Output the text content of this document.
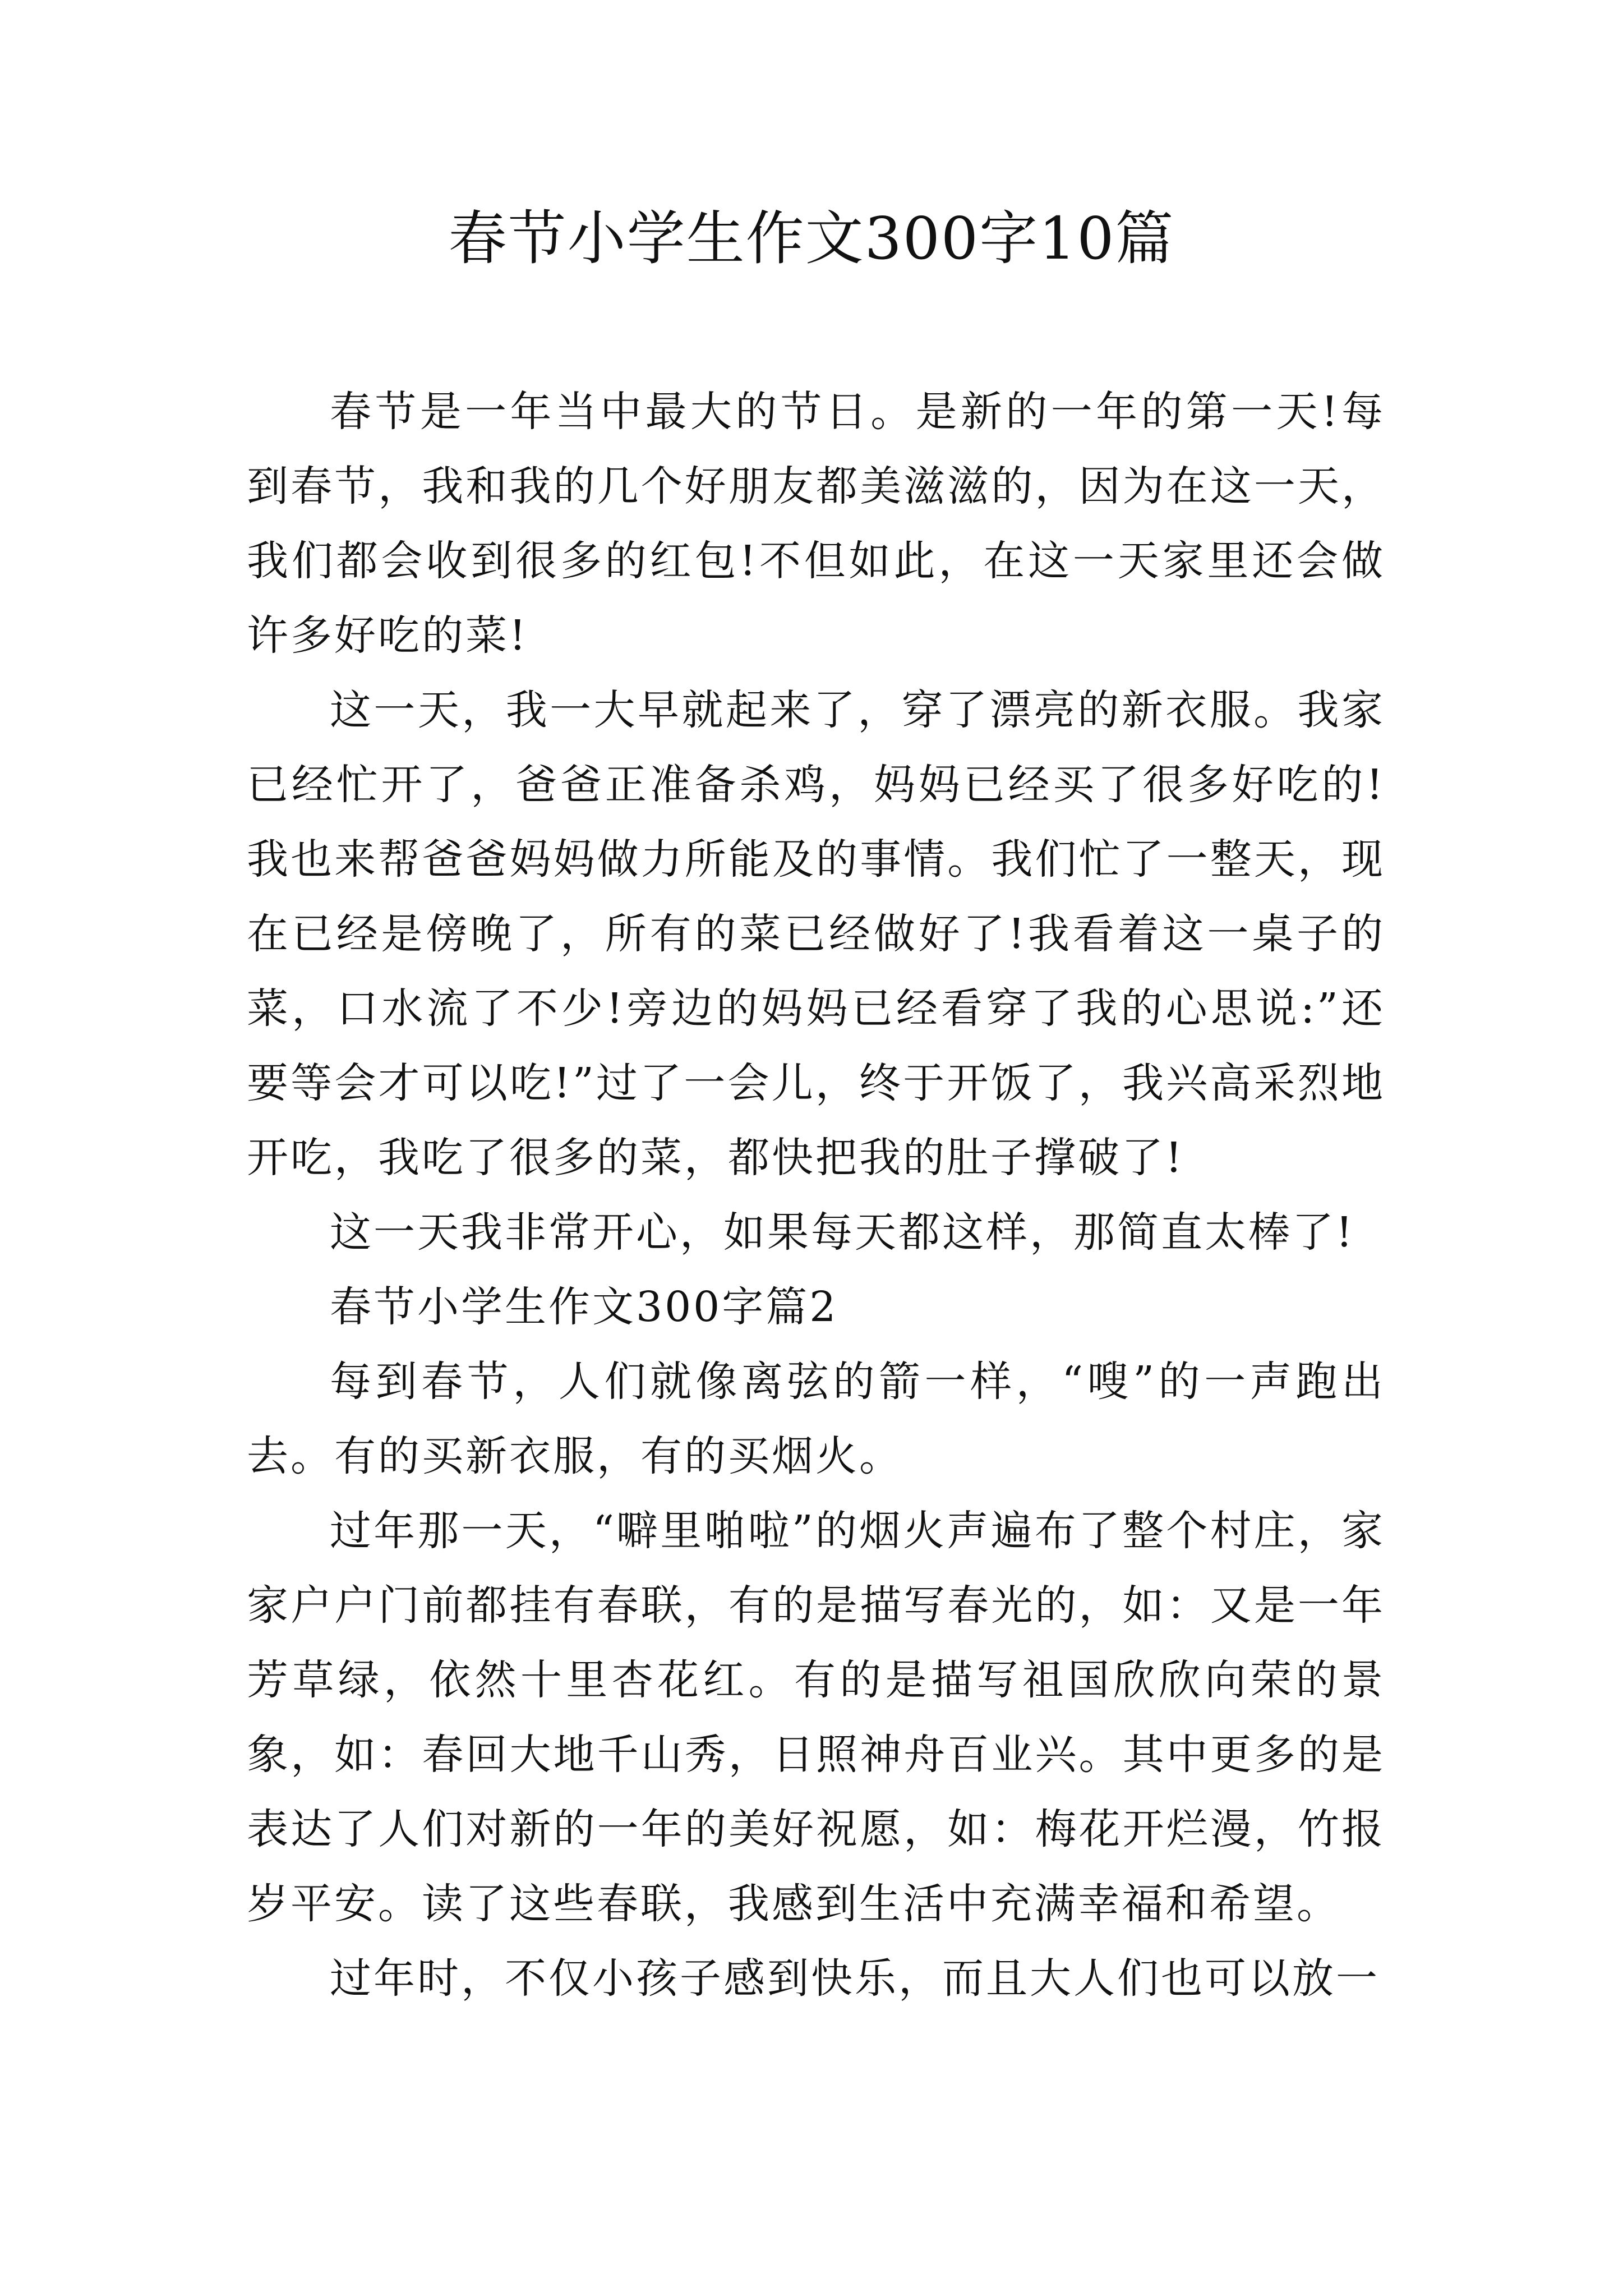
春节小学生作文300字10篇

春节是一年当中最大的节日。是新的一年的第一天!每到春节，我和我的几个好朋友都美滋滋的，因为在这一天，我们都会收到很多的红包!不但如此，在这一天家里还会做许多好吃的菜!

这一天，我一大早就起来了，穿了漂亮的新衣服。我家已经忙开了，爸爸正准备杀鸡，妈妈已经买了很多好吃的!我也来帮爸爸妈妈做力所能及的事情。我们忙了一整天，现在已经是傍晚了，所有的菜已经做好了!我看着这一桌子的菜，口水流了不少!旁边的妈妈已经看穿了我的心思说:”还要等会才可以吃!”过了一会儿，终于开饭了，我兴高采烈地开吃，我吃了很多的菜，都快把我的肚子撑破了!

这一天我非常开心，如果每天都这样，那简直太棒了!

春节小学生作文300字篇2

每到春节，人们就像离弦的箭一样，“嗖”的一声跑出去。有的买新衣服，有的买烟火。

过年那一天，“噼里啪啦”的烟火声遍布了整个村庄，家家户户门前都挂有春联，有的是描写春光的，如：又是一年芳草绿，依然十里杏花红。有的是描写祖国欣欣向荣的景象，如：春回大地千山秀，日照神舟百业兴。其中更多的是表达了人们对新的一年的美好祝愿，如：梅花开烂漫，竹报岁平安。读了这些春联，我感到生活中充满幸福和希望。

过年时，不仅小孩子感到快乐，而且大人们也可以放一
